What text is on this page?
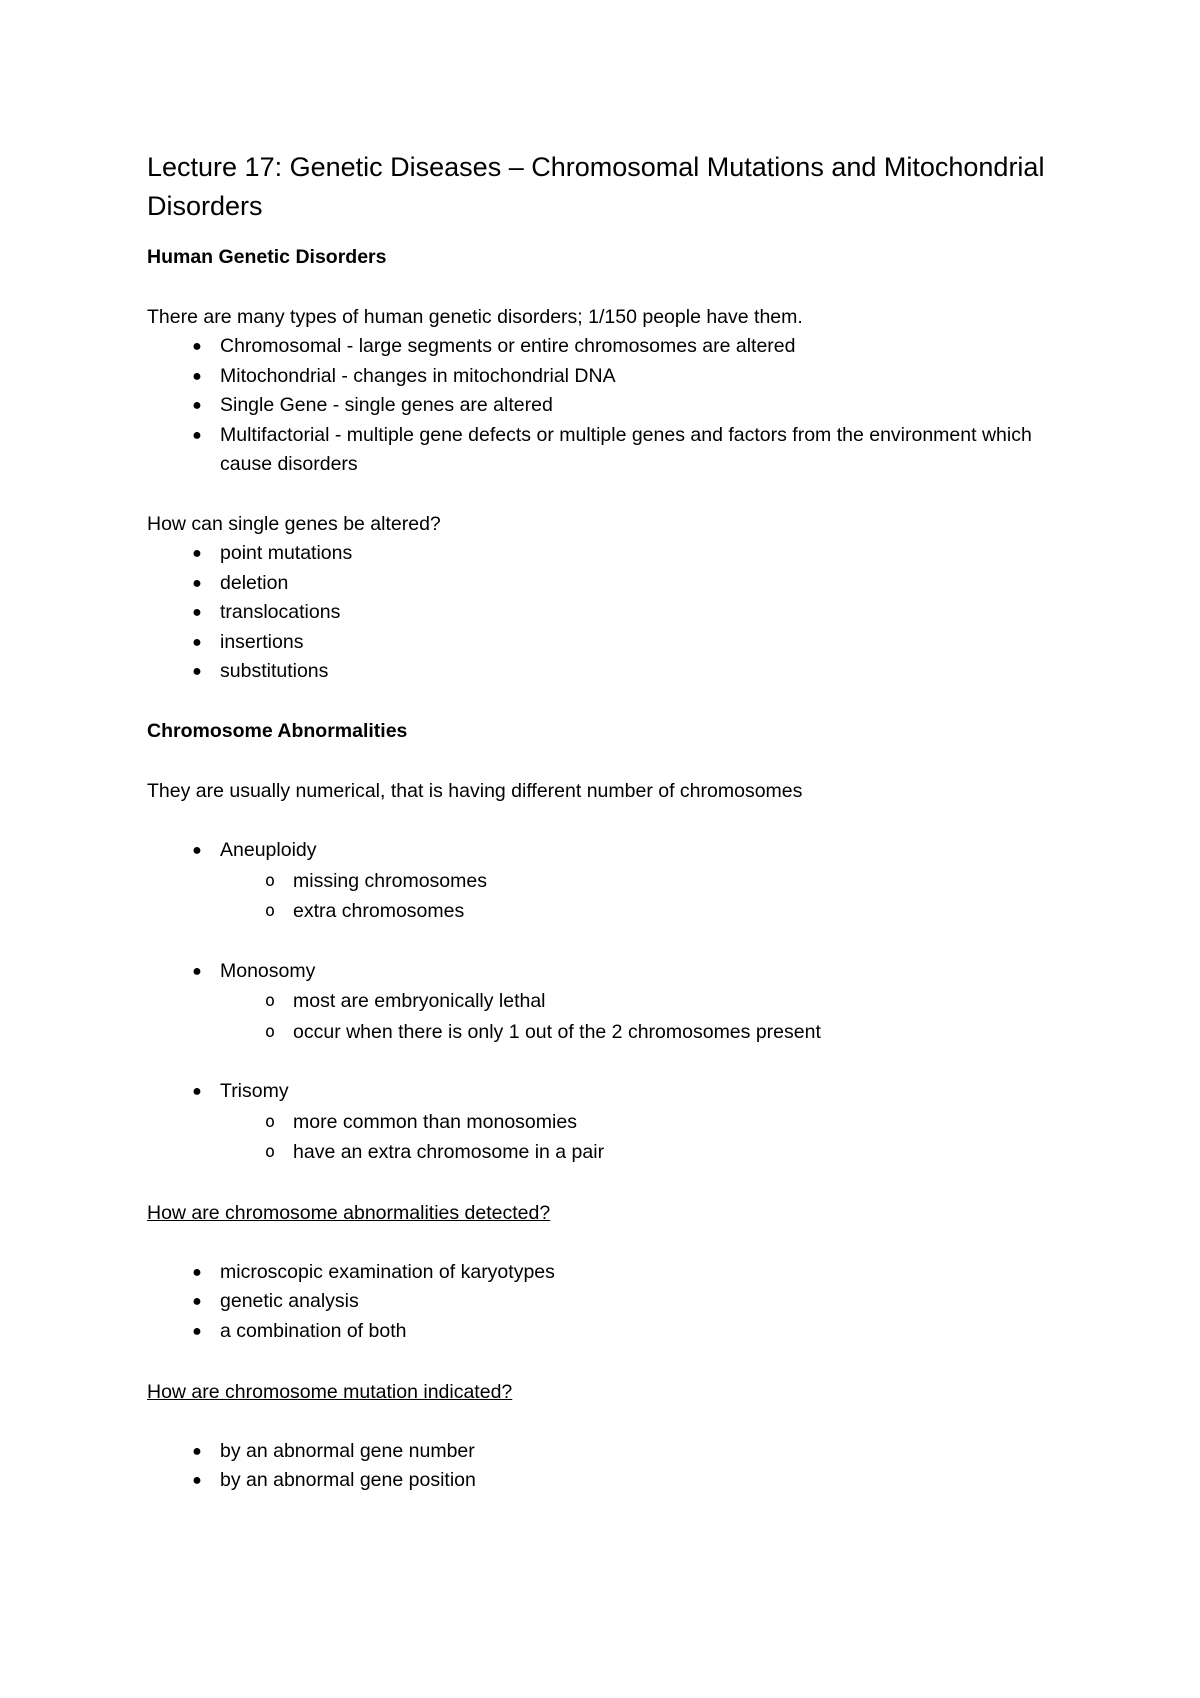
Lecture 17: Genetic Diseases – Chromosomal Mutations and Mitochondrial Disorders

Human Genetic Disorders

There are many types of human genetic disorders; 1/150 people have them.

● Chromosomal - large segments or entire chromosomes are altered
● Mitochondrial - changes in mitochondrial DNA
● Single Gene - single genes are altered
● Multifactorial - multiple gene defects or multiple genes and factors from the environment which cause disorders

How can single genes be altered?

● point mutations
● deletion
● translocations
● insertions
● substitutions

Chromosome Abnormalities

They are usually numerical, that is having different number of chromosomes

● Aneuploidy
o missing chromosomes
o extra chromosomes
● Monosomy
o most are embryonically lethal
o occur when there is only 1 out of the 2 chromosomes present
● Trisomy
o more common than monosomies
o have an extra chromosome in a pair

How are chromosome abnormalities detected?

● microscopic examination of karyotypes
● genetic analysis
● a combination of both

How are chromosome mutation indicated?

● by an abnormal gene number
● by an abnormal gene position
